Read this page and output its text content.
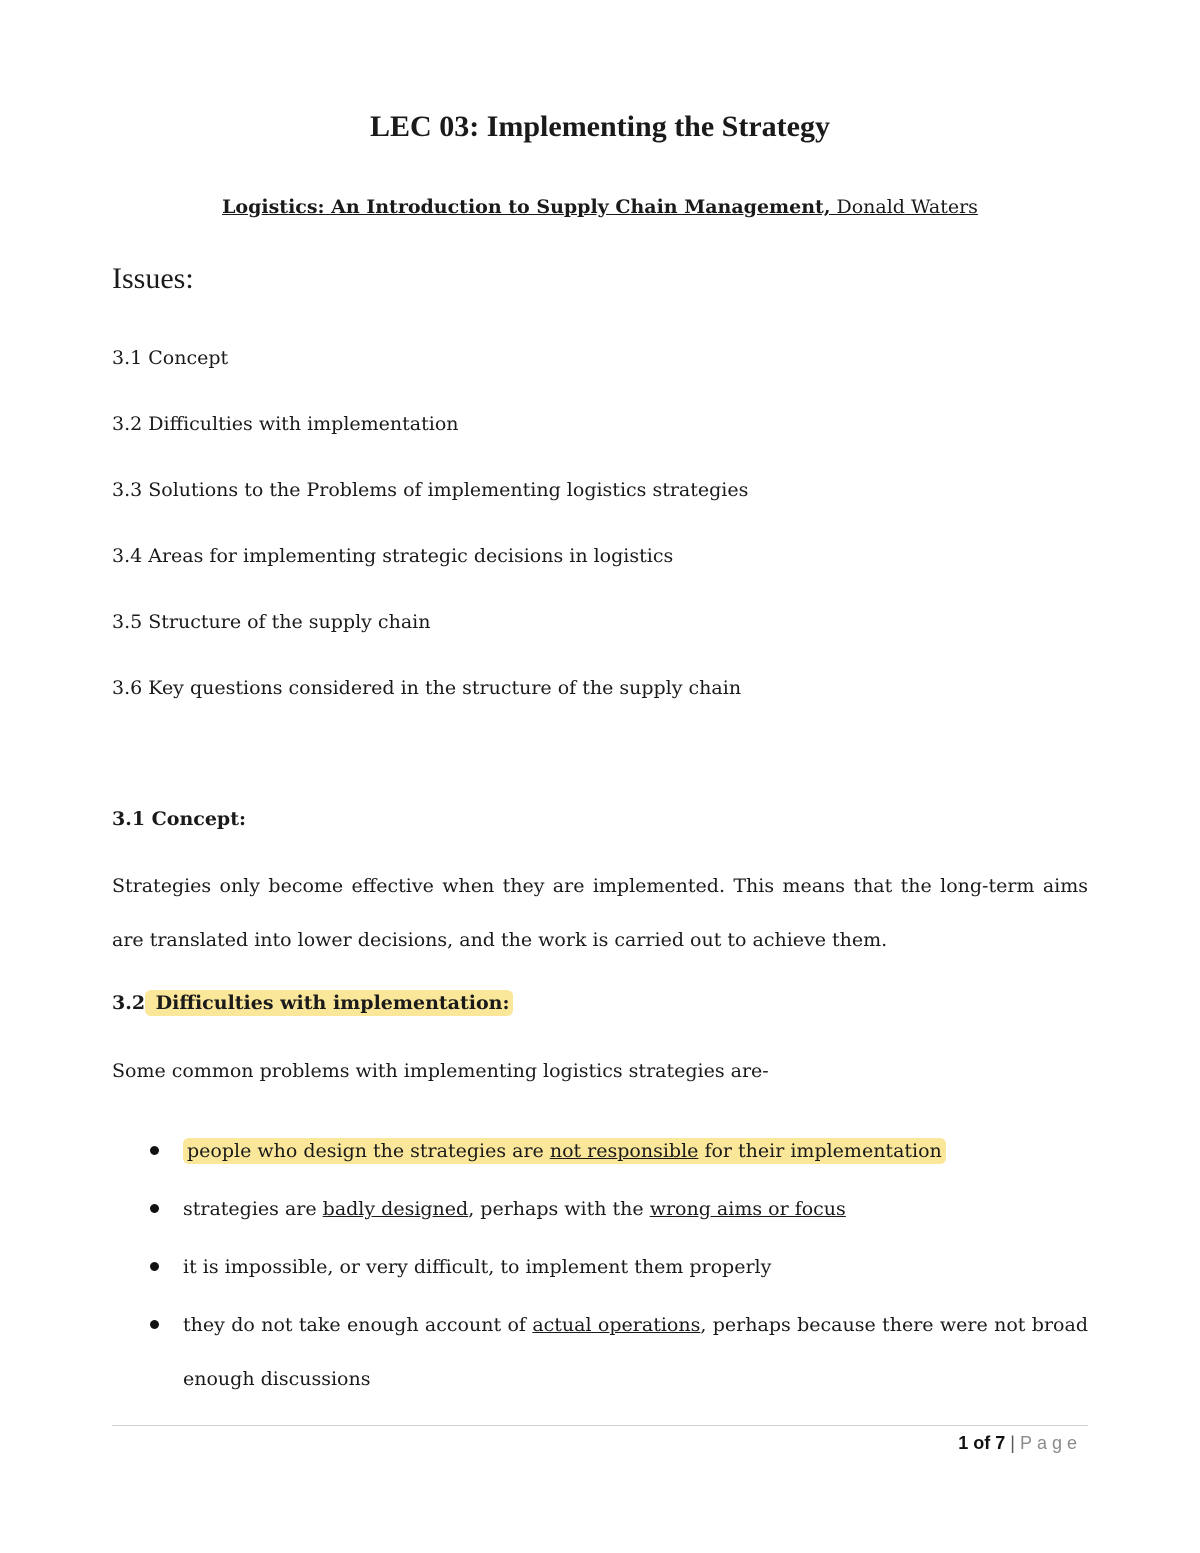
LEC 03: Implementing the Strategy

Logistics: An Introduction to Supply Chain Management, Donald Waters

Issues:
3.1 Concept
3.2 Difficulties with implementation
3.3 Solutions to the Problems of implementing logistics strategies
3.4 Areas for implementing strategic decisions in logistics
3.5 Structure of the supply chain
3.6 Key questions considered in the structure of the supply chain
3.1 Concept:

Strategies only become effective when they are implemented. This means that the long-term aims are translated into lower decisions, and the work is carried out to achieve them.

3.2 Difficulties with implementation:

Some common problems with implementing logistics strategies are-

people who design the strategies are not responsible for their implementation
strategies are badly designed, perhaps with the wrong aims or focus
it is impossible, or very difficult, to implement them properly
they do not take enough account of actual operations, perhaps because there were not broad enough discussions
1 of 7 | Page
